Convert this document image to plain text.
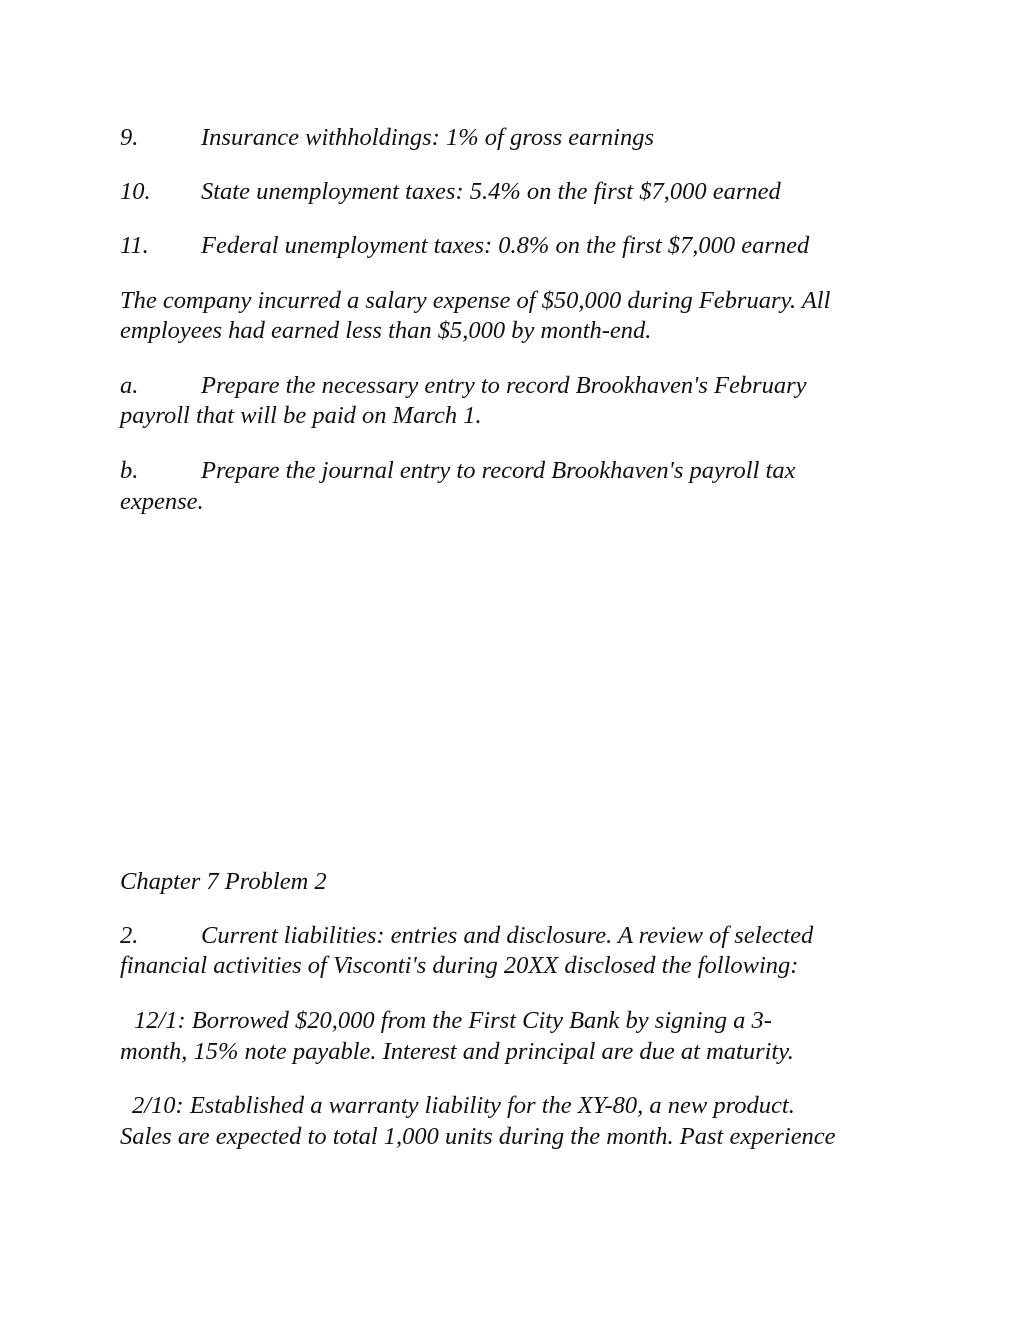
9.	Insurance withholdings: 1% of gross earnings
10. State unemployment taxes: 5.4% on the first $7,000 earned
11. Federal unemployment taxes: 0.8% on the first $7,000 earned
The company incurred a salary expense of $50,000 during February. All
employees had earned less than $5,000 by month-end.
a.	Prepare the necessary entry to record Brookhaven's February
payroll that will be paid on March 1.
b.	Prepare the journal entry to record Brookhaven's payroll tax
expense.
Chapter 7 Problem 2
2.	Current liabilities: entries and disclosure. A review of selected
financial activities of Visconti's during 20XX disclosed the following:
12/1: Borrowed $20,000 from the First City Bank by signing a 3-
month, 15% note payable. Interest and principal are due at maturity.
2/10: Established a warranty liability for the XY-80, a new product.
Sales are expected to total 1,000 units during the month. Past experience
